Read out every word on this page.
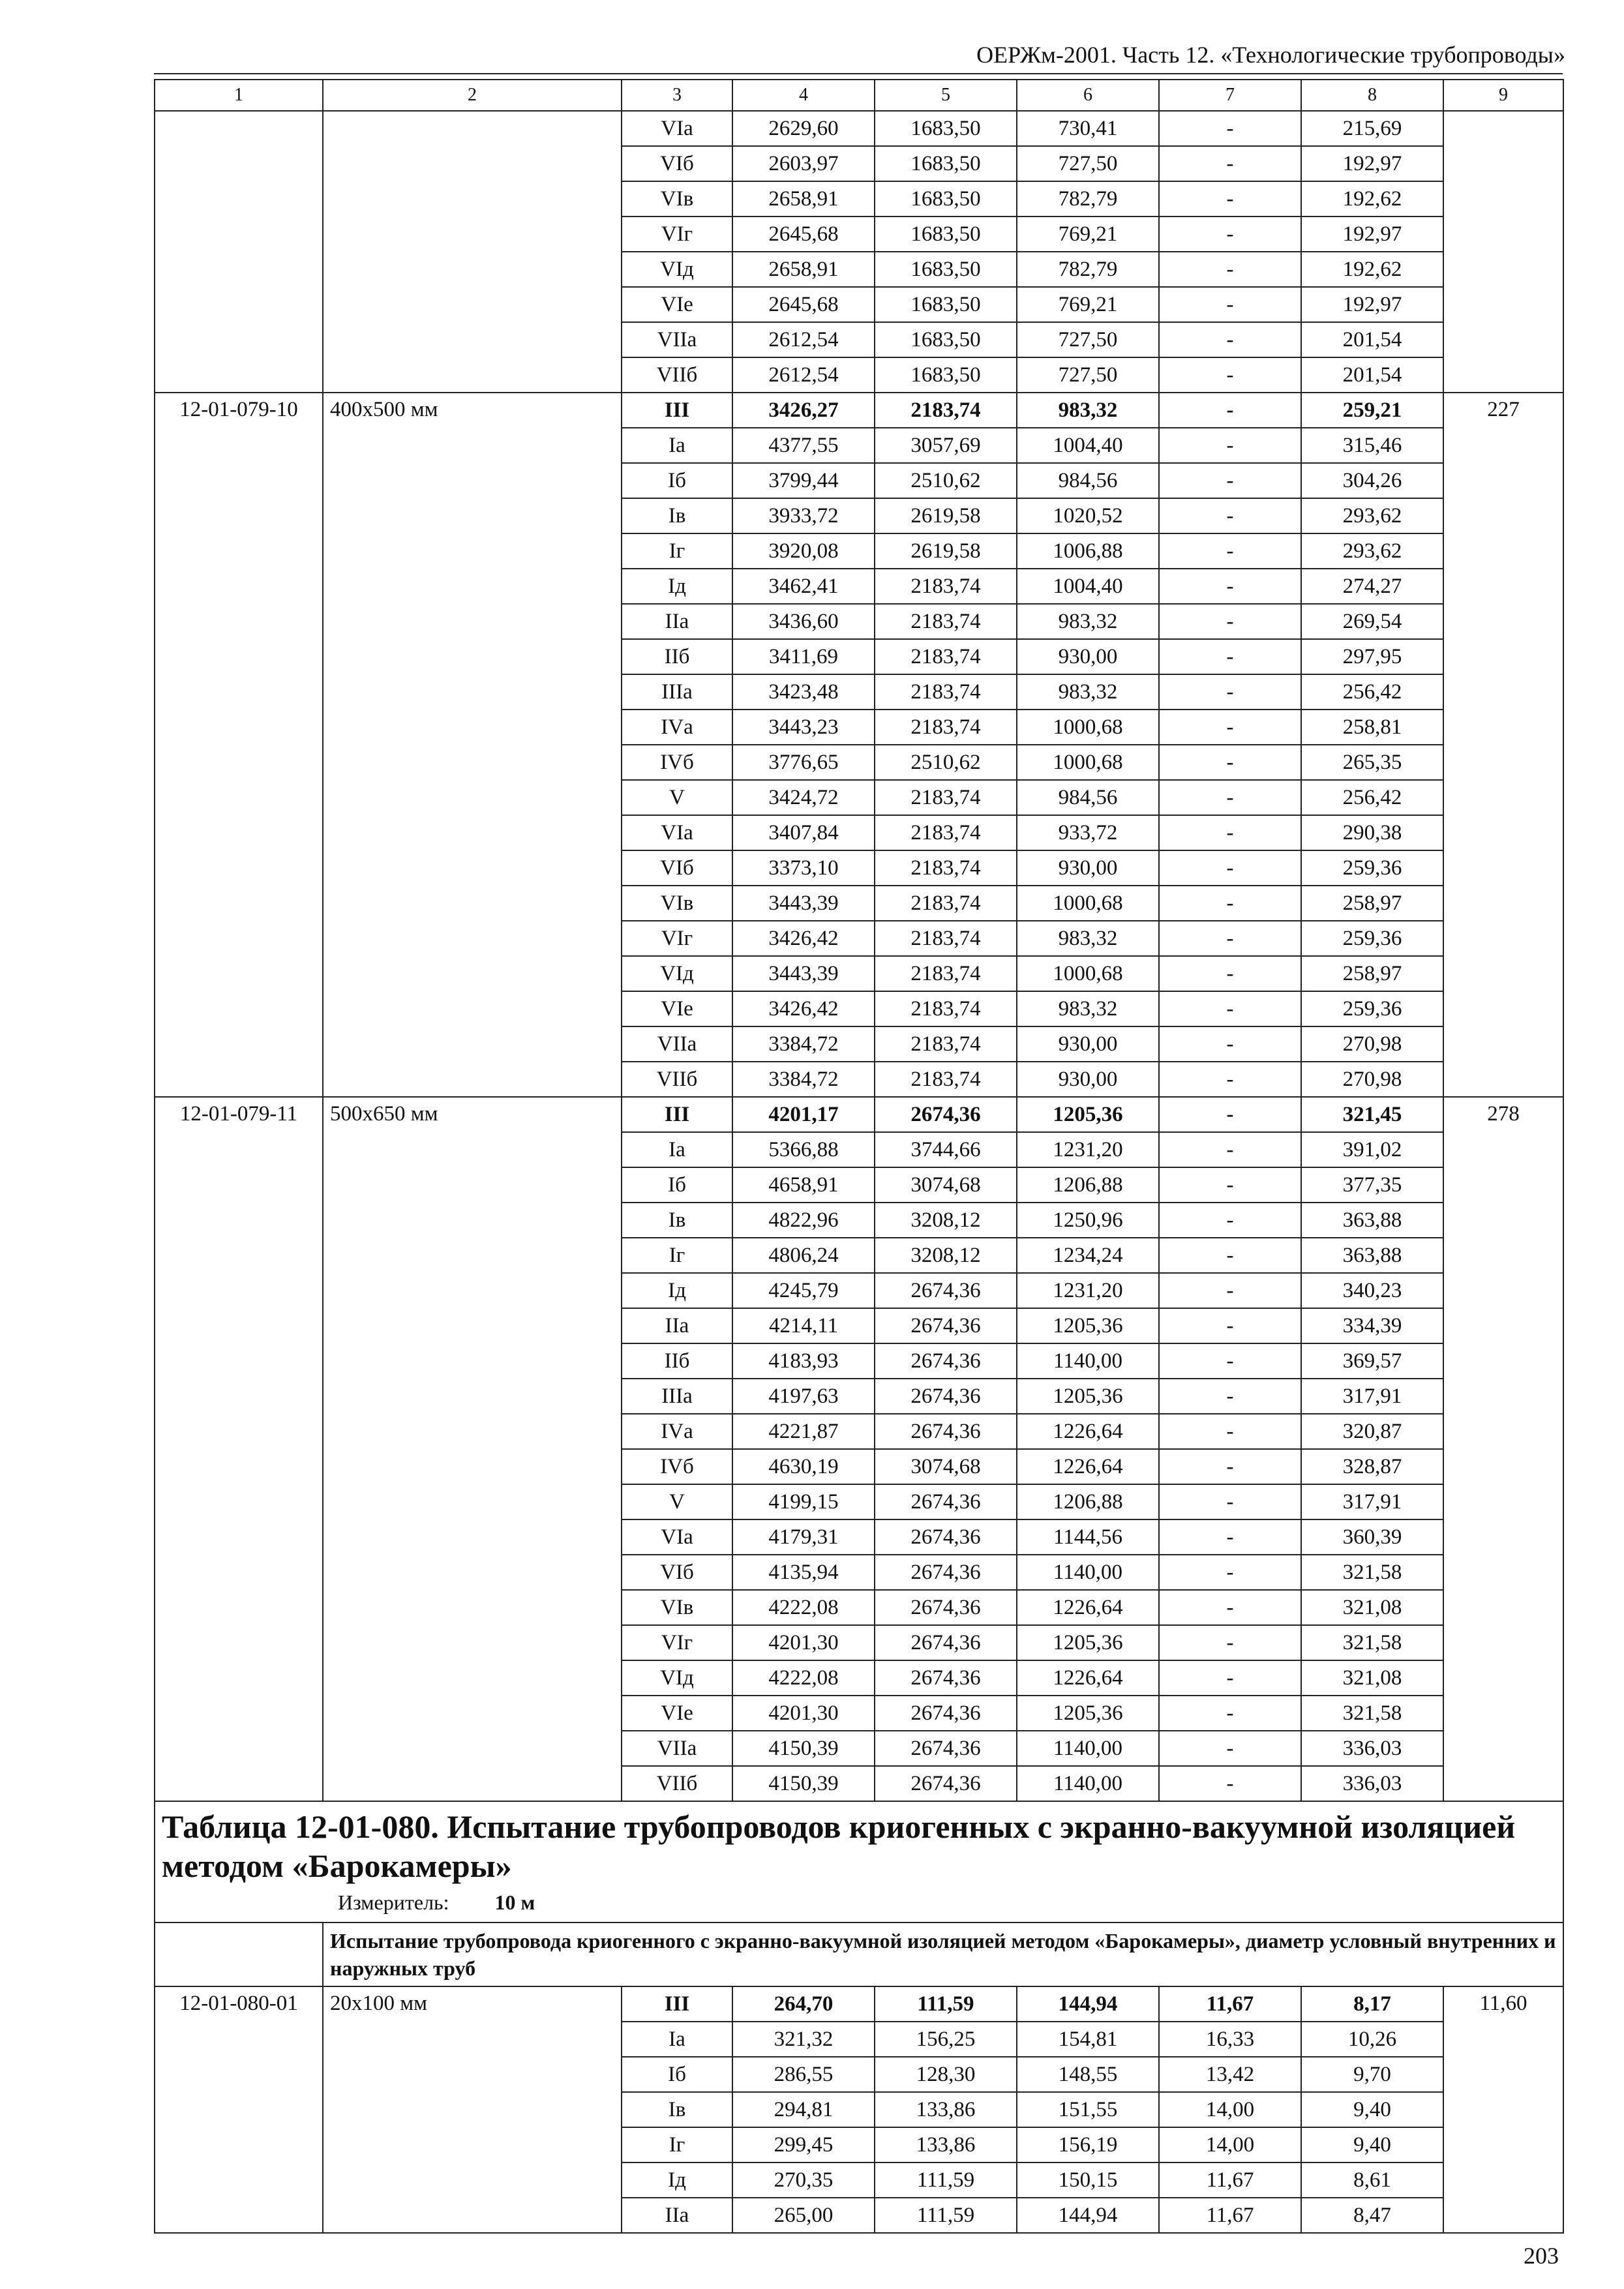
ОЕРЖм-2001. Часть 12. «Технологические трубопроводы»
1	2	3	4	5	6	7	8	9
		VIа	2629,60	1683,50	730,41	-	215,69	
		VIб	2603,97	1683,50	727,50	-	192,97	
		VIв	2658,91	1683,50	782,79	-	192,62	
		VIг	2645,68	1683,50	769,21	-	192,97	
		VIд	2658,91	1683,50	782,79	-	192,62	
		VIе	2645,68	1683,50	769,21	-	192,97	
		VIIа	2612,54	1683,50	727,50	-	201,54	
		VIIб	2612,54	1683,50	727,50	-	201,54	
12-01-079-10	400х500 мм	III	3426,27	2183,74	983,32	-	259,21	227
		Iа	4377,55	3057,69	1004,40	-	315,46	
		Iб	3799,44	2510,62	984,56	-	304,26	
		Iв	3933,72	2619,58	1020,52	-	293,62	
		Iг	3920,08	2619,58	1006,88	-	293,62	
		Iд	3462,41	2183,74	1004,40	-	274,27	
		IIа	3436,60	2183,74	983,32	-	269,54	
		IIб	3411,69	2183,74	930,00	-	297,95	
		IIIа	3423,48	2183,74	983,32	-	256,42	
		IVа	3443,23	2183,74	1000,68	-	258,81	
		IVб	3776,65	2510,62	1000,68	-	265,35	
		V	3424,72	2183,74	984,56	-	256,42	
		VIа	3407,84	2183,74	933,72	-	290,38	
		VIб	3373,10	2183,74	930,00	-	259,36	
		VIв	3443,39	2183,74	1000,68	-	258,97	
		VIг	3426,42	2183,74	983,32	-	259,36	
		VIд	3443,39	2183,74	1000,68	-	258,97	
		VIе	3426,42	2183,74	983,32	-	259,36	
		VIIа	3384,72	2183,74	930,00	-	270,98	
		VIIб	3384,72	2183,74	930,00	-	270,98	
12-01-079-11	500х650 мм	III	4201,17	2674,36	1205,36	-	321,45	278
		Iа	5366,88	3744,66	1231,20	-	391,02	
		Iб	4658,91	3074,68	1206,88	-	377,35	
		Iв	4822,96	3208,12	1250,96	-	363,88	
		Iг	4806,24	3208,12	1234,24	-	363,88	
		Iд	4245,79	2674,36	1231,20	-	340,23	
		IIа	4214,11	2674,36	1205,36	-	334,39	
		IIб	4183,93	2674,36	1140,00	-	369,57	
		IIIа	4197,63	2674,36	1205,36	-	317,91	
		IVа	4221,87	2674,36	1226,64	-	320,87	
		IVб	4630,19	3074,68	1226,64	-	328,87	
		V	4199,15	2674,36	1206,88	-	317,91	
		VIа	4179,31	2674,36	1144,56	-	360,39	
		VIб	4135,94	2674,36	1140,00	-	321,58	
		VIв	4222,08	2674,36	1226,64	-	321,08	
		VIг	4201,30	2674,36	1205,36	-	321,58	
		VIд	4222,08	2674,36	1226,64	-	321,08	
		VIе	4201,30	2674,36	1205,36	-	321,58	
		VIIа	4150,39	2674,36	1140,00	-	336,03	
		VIIб	4150,39	2674,36	1140,00	-	336,03	

Таблица 12-01-080. Испытание трубопроводов криогенных с экранно-вакуумной изоляцией методом «Барокамеры»
Измеритель: 10 м								

	Испытание трубопровода криогенного с экранно-вакуумной изоляцией методом «Барокамеры», диаметр условный внутренних и наружных труб							
12-01-080-01	20х100 мм	III	264,70	111,59	144,94	11,67	8,17	11,60
		Iа	321,32	156,25	154,81	16,33	10,26	
		Iб	286,55	128,30	148,55	13,42	9,70	
		Iв	294,81	133,86	151,55	14,00	9,40	
		Iг	299,45	133,86	156,19	14,00	9,40	
		Iд	270,35	111,59	150,15	11,67	8,61	
		IIа	265,00	111,59	144,94	11,67	8,47	
203
